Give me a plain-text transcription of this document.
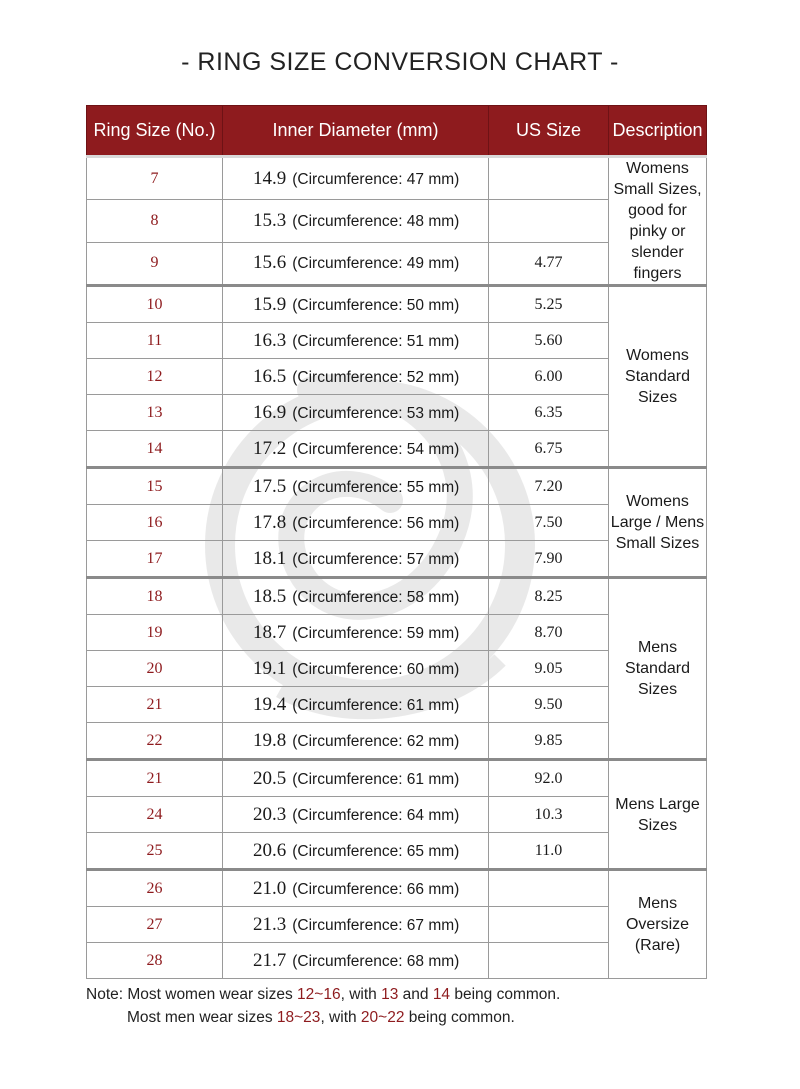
- RING SIZE CONVERSION CHART -
Ring Size (No.)	Inner Diameter (mm)	US Size	Description
7	14.9 (Circumference: 47 mm)		Womens Small Sizes, good for pinky or slender fingers
8	15.3 (Circumference: 48 mm)		
9	15.6 (Circumference: 49 mm)	4.77	
10	15.9 (Circumference: 50 mm)	5.25	Womens Standard Sizes
11	16.3 (Circumference: 51 mm)	5.60	
12	16.5 (Circumference: 52 mm)	6.00	
13	16.9 (Circumference: 53 mm)	6.35	
14	17.2 (Circumference: 54 mm)	6.75	
15	17.5 (Circumference: 55 mm)	7.20	Womens Large / Mens Small Sizes
16	17.8 (Circumference: 56 mm)	7.50	
17	18.1 (Circumference: 57 mm)	7.90	
18	18.5 (Circumference: 58 mm)	8.25	Mens Standard Sizes
19	18.7 (Circumference: 59 mm)	8.70	
20	19.1 (Circumference: 60 mm)	9.05	
21	19.4 (Circumference: 61 mm)	9.50	
22	19.8 (Circumference: 62 mm)	9.85	
21	20.5 (Circumference: 61 mm)	92.0	Mens Large Sizes
24	20.3 (Circumference: 64 mm)	10.3	
25	20.6 (Circumference: 65 mm)	11.0	
26	21.0 (Circumference: 66 mm)		Mens Oversize (Rare)
27	21.3 (Circumference: 67 mm)		
28	21.7 (Circumference: 68 mm)		
Note: Most women wear sizes 12~16, with 13 and 14 being common.
Most men wear sizes 18~23, with 20~22 being common.
